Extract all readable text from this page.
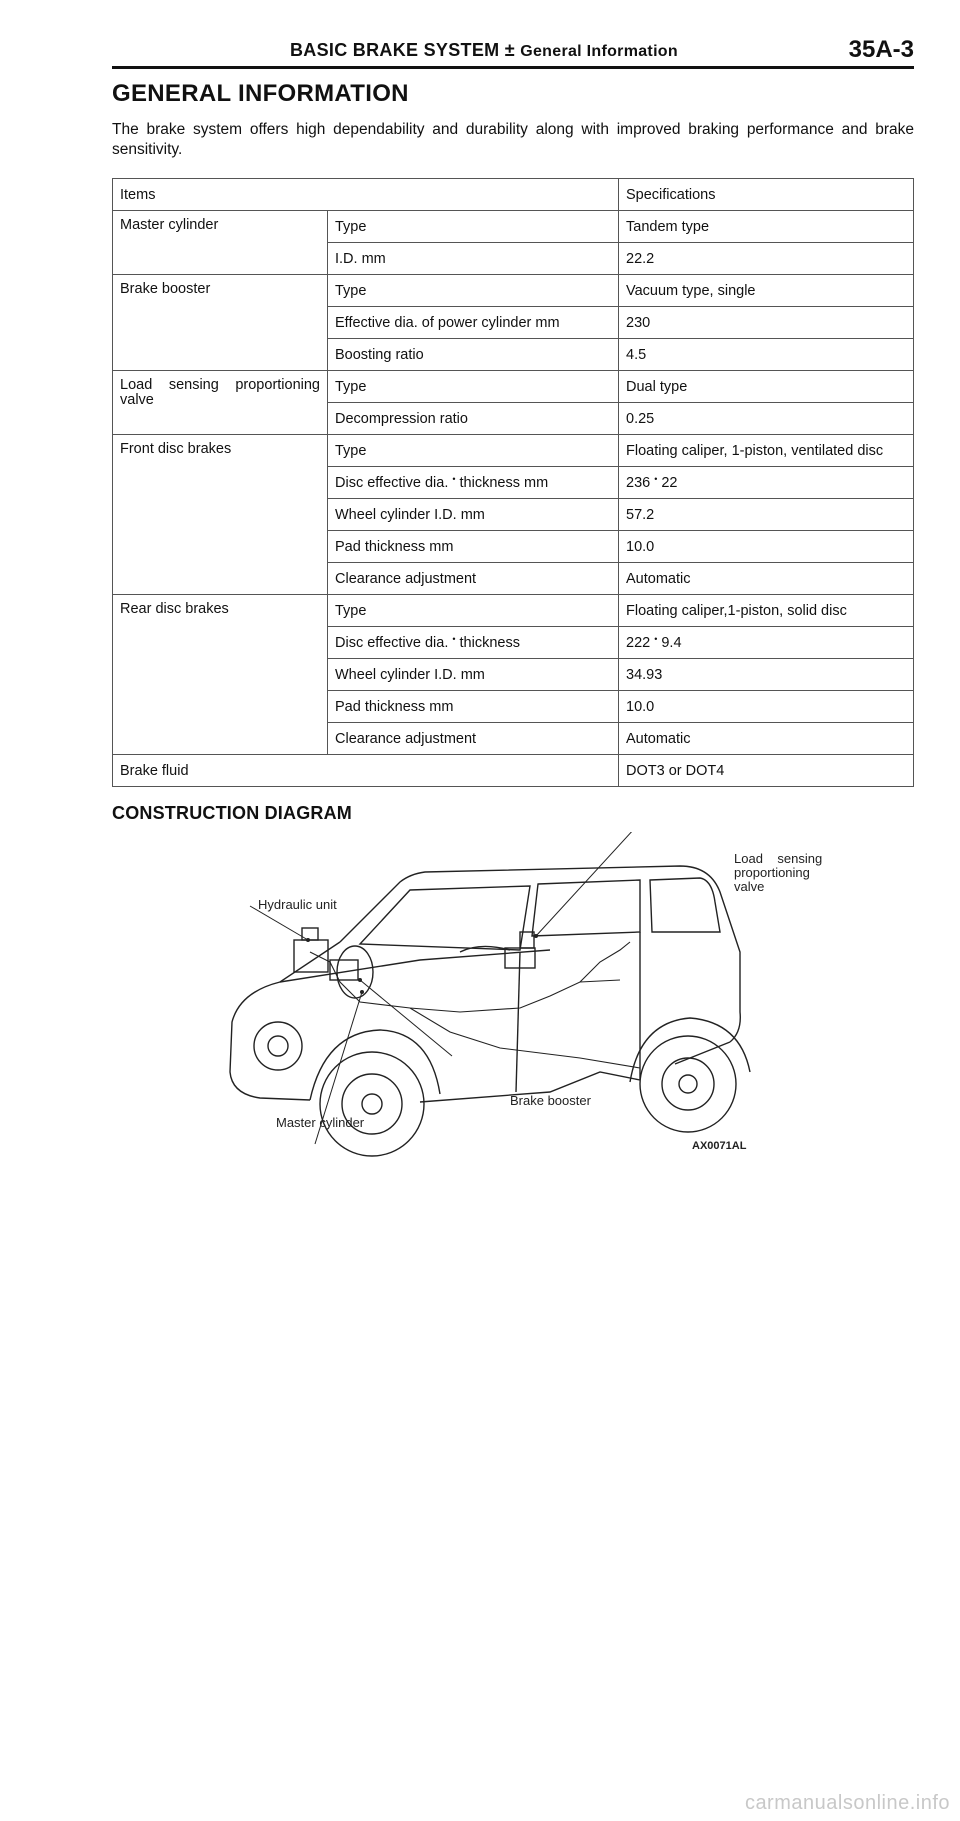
BASIC BRAKE SYSTEM ± General Information	35A-3
GENERAL INFORMATION
The brake system offers high dependability and durability along with improved braking performance and brake sensitivity.
Items		Specifications
Master cylinder	Type	Tandem type
	I.D. mm	22.2
Brake booster	Type	Vacuum type, single
	Effective dia. of power cylinder mm	230
	Boosting ratio	4.5

Load sensing proportioning
valve	Type	Dual type
	Decompression ratio	0.25
Front disc brakes	Type	Floating caliper, 1-piston, ventilated disc
	Disc effective dia. • thickness mm	236 • 22
	Wheel cylinder I.D. mm	57.2
	Pad thickness mm	10.0
	Clearance adjustment	Automatic
Rear disc brakes	Type	Floating caliper,1-piston, solid disc
	Disc effective dia. • thickness	222 • 9.4
	Wheel cylinder I.D. mm	34.93
	Pad thickness mm	10.0
	Clearance adjustment	Automatic
Brake fluid		DOT3 or DOT4
CONSTRUCTION DIAGRAM
Load    sensing
proportioning
valve
Hydraulic unit
Brake booster
Master cylinder
AX0071AL
carmanualsonline.info
